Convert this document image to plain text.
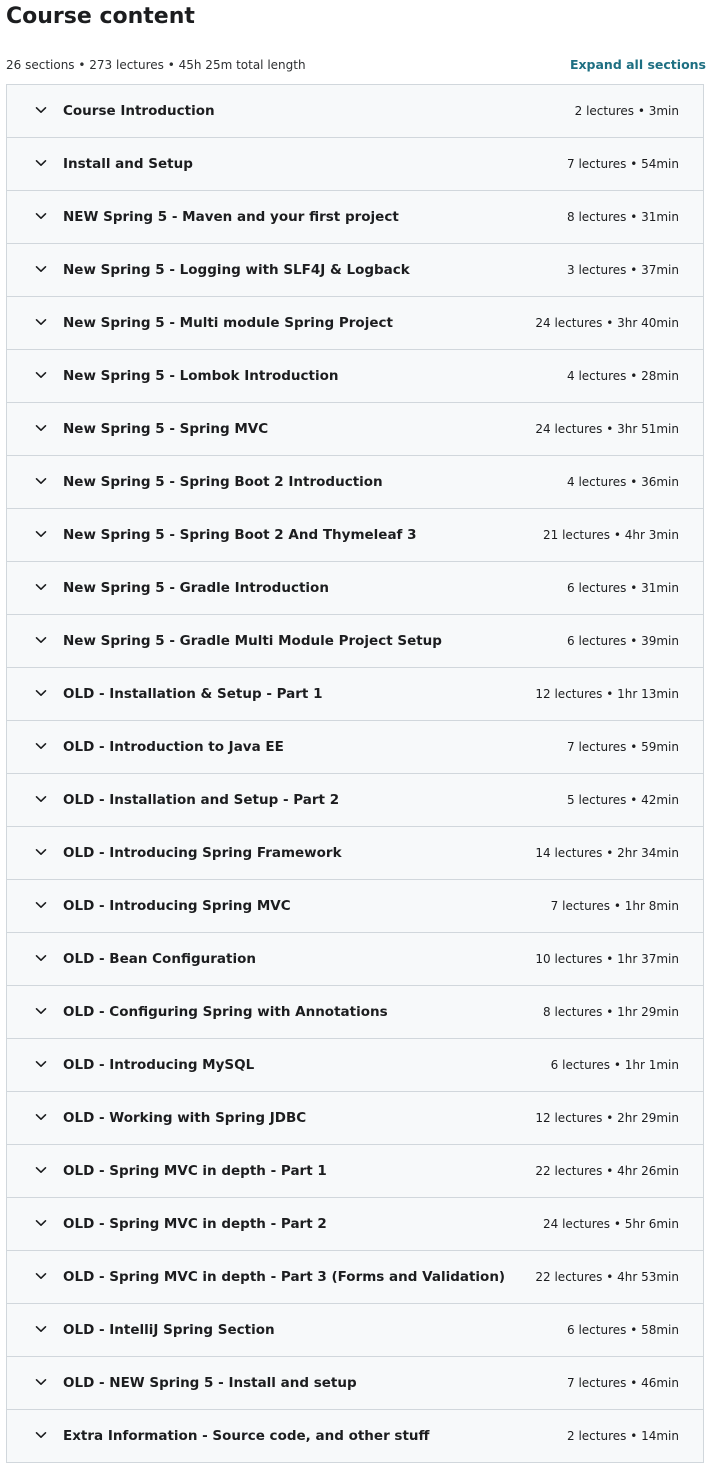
Course content
26 sections • 273 lectures • 45h 25m total length	Expand all sections
Course Introduction	2 lectures • 3min
Install and Setup	7 lectures • 54min
NEW Spring 5 - Maven and your first project	8 lectures • 31min
New Spring 5 - Logging with SLF4J & Logback	3 lectures • 37min
New Spring 5 - Multi module Spring Project	24 lectures • 3hr 40min
New Spring 5 - Lombok Introduction	4 lectures • 28min
New Spring 5 - Spring MVC	24 lectures • 3hr 51min
New Spring 5 - Spring Boot 2 Introduction	4 lectures • 36min
New Spring 5 - Spring Boot 2 And Thymeleaf 3	21 lectures • 4hr 3min
New Spring 5 - Gradle Introduction	6 lectures • 31min
New Spring 5 - Gradle Multi Module Project Setup	6 lectures • 39min
OLD - Installation & Setup - Part 1	12 lectures • 1hr 13min
OLD - Introduction to Java EE	7 lectures • 59min
OLD - Installation and Setup - Part 2	5 lectures • 42min
OLD - Introducing Spring Framework	14 lectures • 2hr 34min
OLD - Introducing Spring MVC	7 lectures • 1hr 8min
OLD - Bean Configuration	10 lectures • 1hr 37min
OLD - Configuring Spring with Annotations	8 lectures • 1hr 29min
OLD - Introducing MySQL	6 lectures • 1hr 1min
OLD - Working with Spring JDBC	12 lectures • 2hr 29min
OLD - Spring MVC in depth - Part 1	22 lectures • 4hr 26min
OLD - Spring MVC in depth - Part 2	24 lectures • 5hr 6min
OLD - Spring MVC in depth - Part 3 (Forms and Validation)	22 lectures • 4hr 53min
OLD - IntelliJ Spring Section	6 lectures • 58min
OLD - NEW Spring 5 - Install and setup	7 lectures • 46min
Extra Information - Source code, and other stuff	2 lectures • 14min
